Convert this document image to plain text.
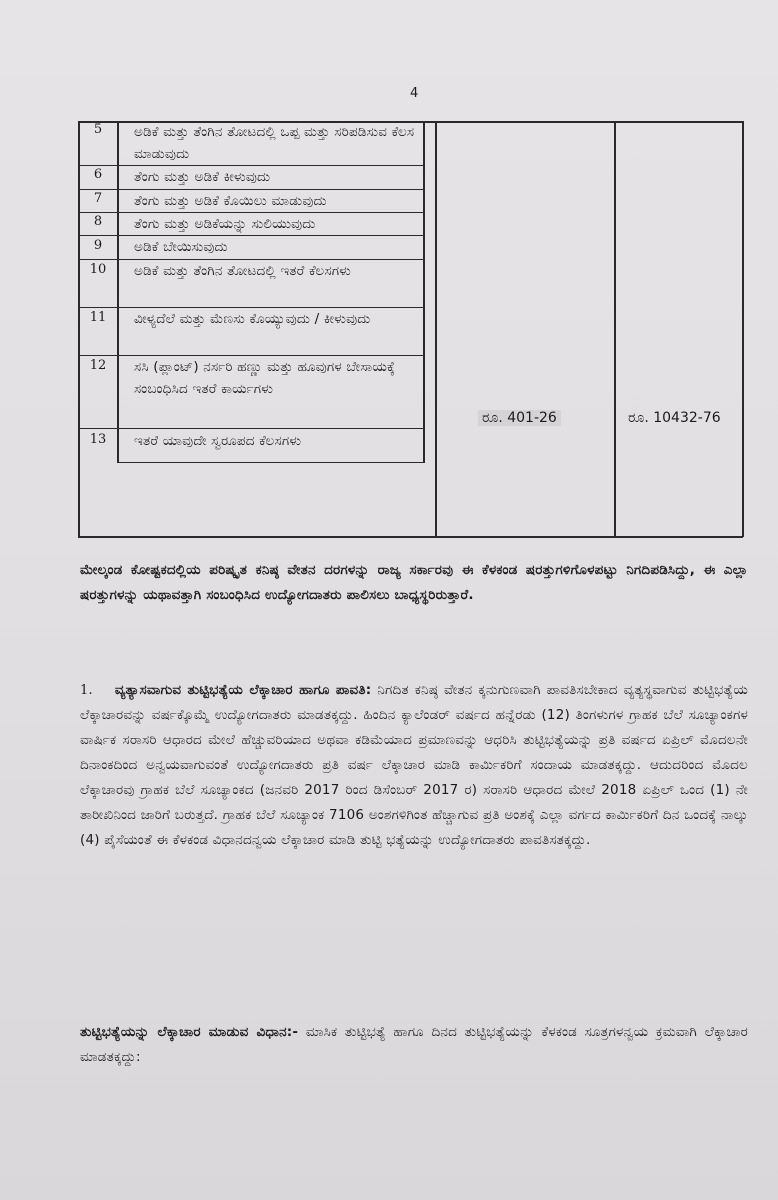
4
5	ಅಡಿಕೆ ಮತ್ತು ತೆಂಗಿನ ತೋಟದಲ್ಲಿ ಒಪ್ಪ ಮತ್ತು ಸರಿಪಡಿಸುವ ಕೆಲಸ ಮಾಡುವುದು
6	ತೆಂಗು ಮತ್ತು ಅಡಿಕೆ ಕೀಳುವುದು
7	ತೆಂಗು ಮತ್ತು ಅಡಿಕೆ ಕೊಯಿಲು ಮಾಡುವುದು
8	ತೆಂಗು ಮತ್ತು ಅಡಿಕೆಯನ್ನು ಸುಲಿಯುವುದು
9	ಅಡಿಕೆ ಬೇಯಿಸುವುದು
10	ಅಡಿಕೆ ಮತ್ತು ತೆಂಗಿನ ತೋಟದಲ್ಲಿ ಇತರೆ ಕೆಲಸಗಳು
11	ವೀಳ್ಯದೆಲೆ ಮತ್ತು ಮೆಣಸು ಕೊಯ್ಯುವುದು / ಕೀಳುವುದು
12	ಸಸಿ (ಪ್ಲಾಂಟ್) ನರ್ಸರಿ ಹಣ್ಣು ಮತ್ತು ಹೂವುಗಳ ಬೇಸಾಯಕ್ಕೆ ಸಂಬಂಧಿಸಿದ ಇತರೆ ಕಾರ್ಯಗಳು
13	ಇತರೆ ಯಾವುದೇ ಸ್ವರೂಪದ ಕೆಲಸಗಳು
ರೂ. 401-26	ರೂ. 10432-76
ಮೇಲ್ಕಂಡ ಕೋಷ್ಟಕದಲ್ಲಿಯ ಪರಿಷ್ಕೃತ ಕನಿಷ್ಠ ವೇತನ ದರಗಳನ್ನು ರಾಜ್ಯ ಸರ್ಕಾರವು ಈ ಕೆಳಕಂಡ ಷರತ್ತುಗಳಿಗೊಳಪಟ್ಟು ನಿಗದಿಪಡಿಸಿದ್ದು, ಈ ಎಲ್ಲಾ ಷರತ್ತುಗಳನ್ನು ಯಥಾವತ್ತಾಗಿ ಸಂಬಂಧಿಸಿದ ಉದ್ಯೋಗದಾತರು ಪಾಲಿಸಲು ಬಾಧ್ಯಸ್ಥರಿರುತ್ತಾರೆ.
1. ವ್ಯತ್ಯಾಸವಾಗುವ ತುಟ್ಟಿಭತ್ಯೆಯ ಲೆಕ್ಕಾಚಾರ ಹಾಗೂ ಪಾವತಿ: ನಿಗದಿತ ಕನಿಷ್ಠ ವೇತನ ಕ್ಕನುಗುಣವಾಗಿ ಪಾವತಿಸಬೇಕಾದ ವ್ಯತ್ಯಸ್ಥವಾಗುವ ತುಟ್ಟಿಭತ್ಯೆಯ ಲೆಕ್ಕಾಚಾರವನ್ನು ವರ್ಷಕ್ಕೊಮ್ಮೆ ಉದ್ಯೋಗದಾತರು ಮಾಡತಕ್ಕದ್ದು. ಹಿಂದಿನ ಕ್ಯಾಲೆಂಡರ್ ವರ್ಷದ ಹನ್ನೆರಡು (12) ತಿಂಗಳುಗಳ ಗ್ರಾಹಕ ಬೆಲೆ ಸೂಚ್ಯಾಂಕಗಳ ವಾರ್ಷಿಕ ಸರಾಸರಿ ಆಧಾರದ ಮೇಲೆ ಹೆಚ್ಚುವರಿಯಾದ ಅಥವಾ ಕಡಿಮೆಯಾದ ಪ್ರಮಾಣವನ್ನು ಆಧರಿಸಿ ತುಟ್ಟಿಭತ್ಯೆಯನ್ನು ಪ್ರತಿ ವರ್ಷದ ಏಪ್ರಿಲ್ ಮೊದಲನೇ ದಿನಾಂಕದಿಂದ ಅನ್ವಯವಾಗುವಂತೆ ಉದ್ಯೋಗದಾತರು ಪ್ರತಿ ವರ್ಷ ಲೆಕ್ಕಾಚಾರ ಮಾಡಿ ಕಾರ್ಮಿಕರಿಗೆ ಸಂದಾಯ ಮಾಡತಕ್ಕದ್ದು. ಆದುದರಿಂದ ಮೊದಲ ಲೆಕ್ಕಾಚಾರವು ಗ್ರಾಹಕ ಬೆಲೆ ಸೂಚ್ಯಾಂಕದ (ಜನವರಿ 2017 ರಿಂದ ಡಿಸೆಂಬರ್ 2017 ರ) ಸರಾಸರಿ ಆಧಾರದ ಮೇಲೆ 2018 ಏಪ್ರಿಲ್ ಒಂದ (1) ನೇ ತಾರೀಖಿನಿಂದ ಜಾರಿಗೆ ಬರುತ್ತದೆ. ಗ್ರಾಹಕ ಬೆಲೆ ಸೂಚ್ಯಾಂಕ 7106 ಅಂಶಗಳಿಗಿಂತ ಹೆಚ್ಚಾಗುವ ಪ್ರತಿ ಅಂಶಕ್ಕೆ ಎಲ್ಲಾ ವರ್ಗದ ಕಾರ್ಮಿಕರಿಗೆ ದಿನ ಒಂದಕ್ಕೆ ನಾಲ್ಕು (4) ಪೈಸೆಯಂತೆ ಈ ಕೆಳಕಂಡ ವಿಧಾನದನ್ವಯ ಲೆಕ್ಕಾಚಾರ ಮಾಡಿ ತುಟ್ಟಿ ಭತ್ಯೆಯನ್ನು ಉದ್ಯೋಗದಾತರು ಪಾವತಿಸತಕ್ಕದ್ದು.
ತುಟ್ಟಿಭತ್ಯೆಯನ್ನು ಲೆಕ್ಕಾಚಾರ ಮಾಡುವ ವಿಧಾನ:- ಮಾಸಿಕ ತುಟ್ಟಿಭತ್ಯೆ ಹಾಗೂ ದಿನದ ತುಟ್ಟಿಭತ್ಯೆಯನ್ನು ಕೆಳಕಂಡ ಸೂತ್ರಗಳನ್ವಯ ಕ್ರಮವಾಗಿ ಲೆಕ್ಕಾಚಾರ ಮಾಡತಕ್ಕದ್ದು:
